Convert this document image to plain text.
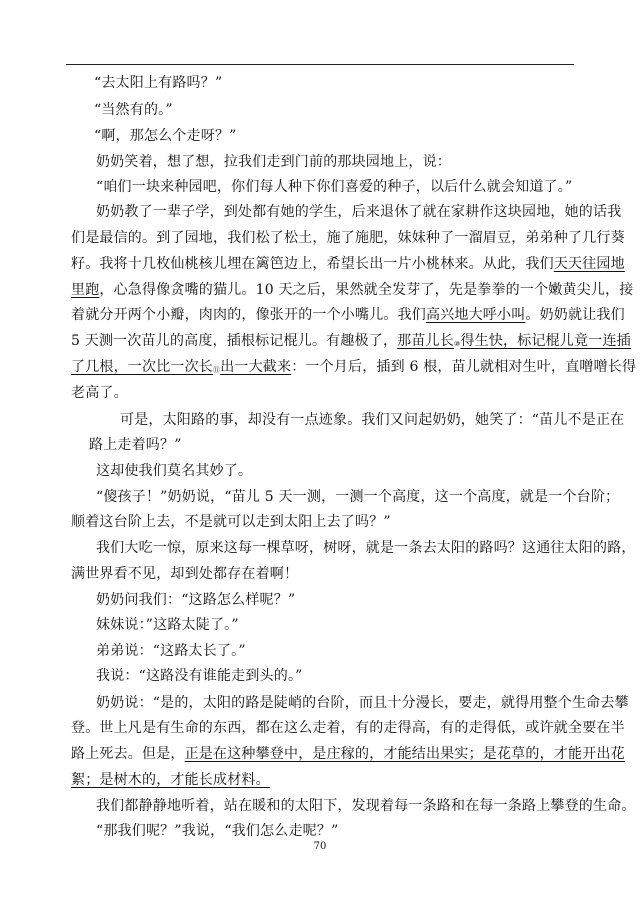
“去太阳上有路吗？”
“当然有的。”
“啊，那怎么个走呀？”
奶奶笑着，想了想，拉我们走到门前的那块园地上，说：
“咱们一块来种园吧，你们每人种下你们喜爱的种子，以后什么就会知道了。”
奶奶教了一辈子学，到处都有她的学生，后来退休了就在家耕作这块园地，她的话我
们是最信的。到了园地，我们松了松土，施了施肥，妹妹种了一溜眉豆，弟弟种了几行葵
籽。我将十几枚仙桃核儿埋在篱笆边上，希望长出一片小桃林来。从此，我们天天往园地
里跑，心急得像贪嘴的猫儿。10 天之后，果然就全发芽了，先是拳拳的一个嫩黄尖儿，接
着就分开两个小瓣，肉肉的，像张开的一个小嘴儿。我们高兴地大呼小叫。奶奶就让我们
5 天测一次苗儿的高度，插根标记棍儿。有趣极了，那苗儿长⑩得生快，标记棍儿竟一连插
了几根，一次比一次长⑪出一大截来：一个月后，插到 6 根，苗儿就相对生叶，直噌噌长得
老高了。
可是，太阳路的事，却没有一点迹象。我们又问起奶奶，她笑了：“苗儿不是正在
路上走着吗？”
这却使我们莫名其妙了。
“傻孩子！”奶奶说，“苗儿 5 天一测，一测一个高度，这一个高度，就是一个台阶；
顺着这台阶上去，不是就可以走到太阳上去了吗？”
我们大吃一惊，原来这每一棵草呀，树呀，就是一条去太阳的路吗？这通往太阳的路，
满世界看不见，却到处都存在着啊！
奶奶问我们：“这路怎么样呢？”
妹妹说：”这路太陡了。”
弟弟说：“这路太长了。”
我说：“这路没有谁能走到头的。”
奶奶说：“是的，太阳的路是陡峭的台阶，而且十分漫长，要走，就得用整个生命去攀
登。世上凡是有生命的东西，都在这么走着，有的走得高，有的走得低，或许就全要在半
路上死去。但是，正是在这种攀登中，是庄稼的，才能结出果实；是花草的，才能开出花
絮；是树木的，才能长成材料。
我们都静静地听着，站在暖和的太阳下，发现着每一条路和在每一条路上攀登的生命。
“那我们呢？”我说，“我们怎么走呢？”
70
